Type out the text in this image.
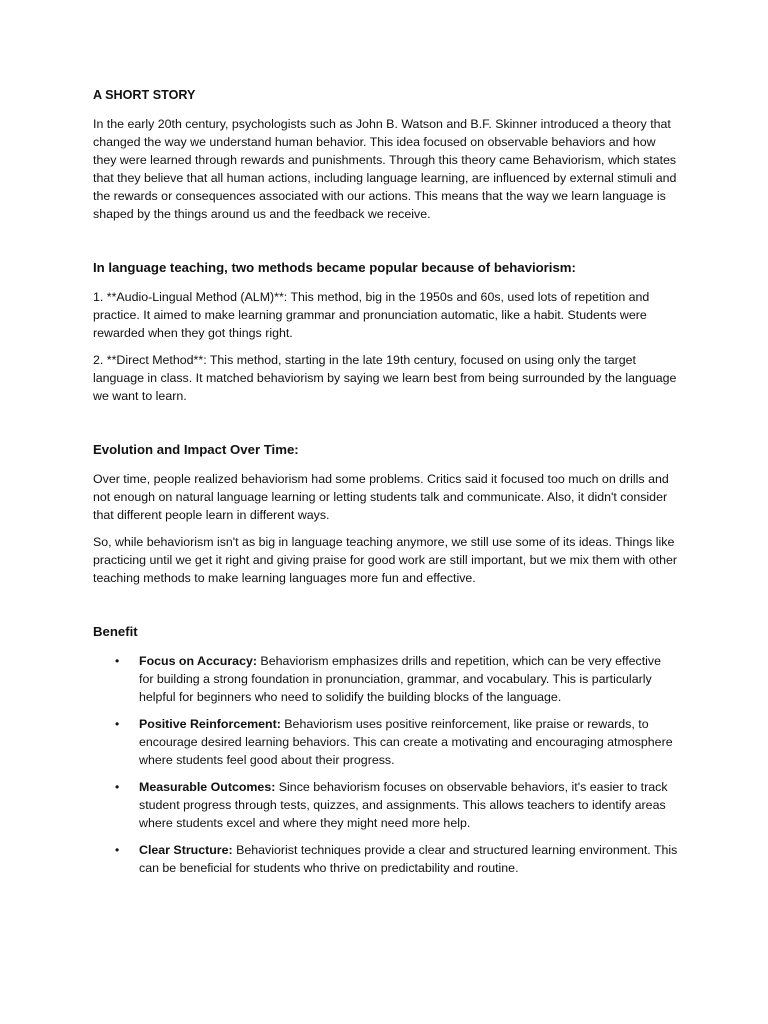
A SHORT STORY

In the early 20th century, psychologists such as John B. Watson and B.F. Skinner introduced a theory that changed the way we understand human behavior. This idea focused on observable behaviors and how they were learned through rewards and punishments. Through this theory came Behaviorism, which states that they believe that all human actions, including language learning, are influenced by external stimuli and the rewards or consequences associated with our actions. This means that the way we learn language is shaped by the things around us and the feedback we receive.

In language teaching, two methods became popular because of behaviorism:

1. **Audio-Lingual Method (ALM)**: This method, big in the 1950s and 60s, used lots of repetition and practice. It aimed to make learning grammar and pronunciation automatic, like a habit. Students were rewarded when they got things right.

2. **Direct Method**: This method, starting in the late 19th century, focused on using only the target language in class. It matched behaviorism by saying we learn best from being surrounded by the language we want to learn.

Evolution and Impact Over Time:

Over time, people realized behaviorism had some problems. Critics said it focused too much on drills and not enough on natural language learning or letting students talk and communicate. Also, it didn't consider that different people learn in different ways.

So, while behaviorism isn't as big in language teaching anymore, we still use some of its ideas. Things like practicing until we get it right and giving praise for good work are still important, but we mix them with other teaching methods to make learning languages more fun and effective.

Benefit
• Focus on Accuracy: Behaviorism emphasizes drills and repetition, which can be very effective for building a strong foundation in pronunciation, grammar, and vocabulary. This is particularly helpful for beginners who need to solidify the building blocks of the language.
• Positive Reinforcement: Behaviorism uses positive reinforcement, like praise or rewards, to encourage desired learning behaviors. This can create a motivating and encouraging atmosphere where students feel good about their progress.
• Measurable Outcomes: Since behaviorism focuses on observable behaviors, it's easier to track student progress through tests, quizzes, and assignments. This allows teachers to identify areas where students excel and where they might need more help.
• Clear Structure: Behaviorist techniques provide a clear and structured learning environment. This can be beneficial for students who thrive on predictability and routine.
